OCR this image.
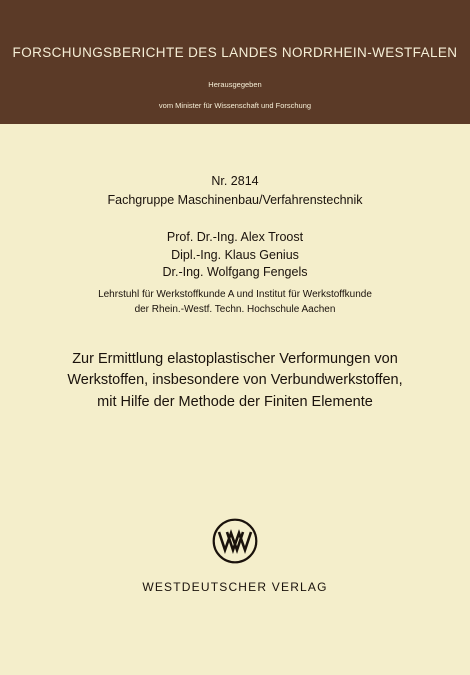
FORSCHUNGSBERICHTE DES LANDES NORDRHEIN-WESTFALEN
Herausgegeben
vom Minister für Wissenschaft und Forschung
Nr. 2814
Fachgruppe Maschinenbau/Verfahrenstechnik
Prof. Dr.-Ing. Alex Troost
Dipl.-Ing. Klaus Genius
Dr.-Ing. Wolfgang Fengels
Lehrstuhl für Werkstoffkunde A und Institut für Werkstoffkunde
der Rhein.-Westf. Techn. Hochschule Aachen
Zur Ermittlung elastoplastischer Verformungen von
Werkstoffen, insbesondere von Verbundwerkstoffen,
mit Hilfe der Methode der Finiten Elemente
WESTDEUTSCHER VERLAG
